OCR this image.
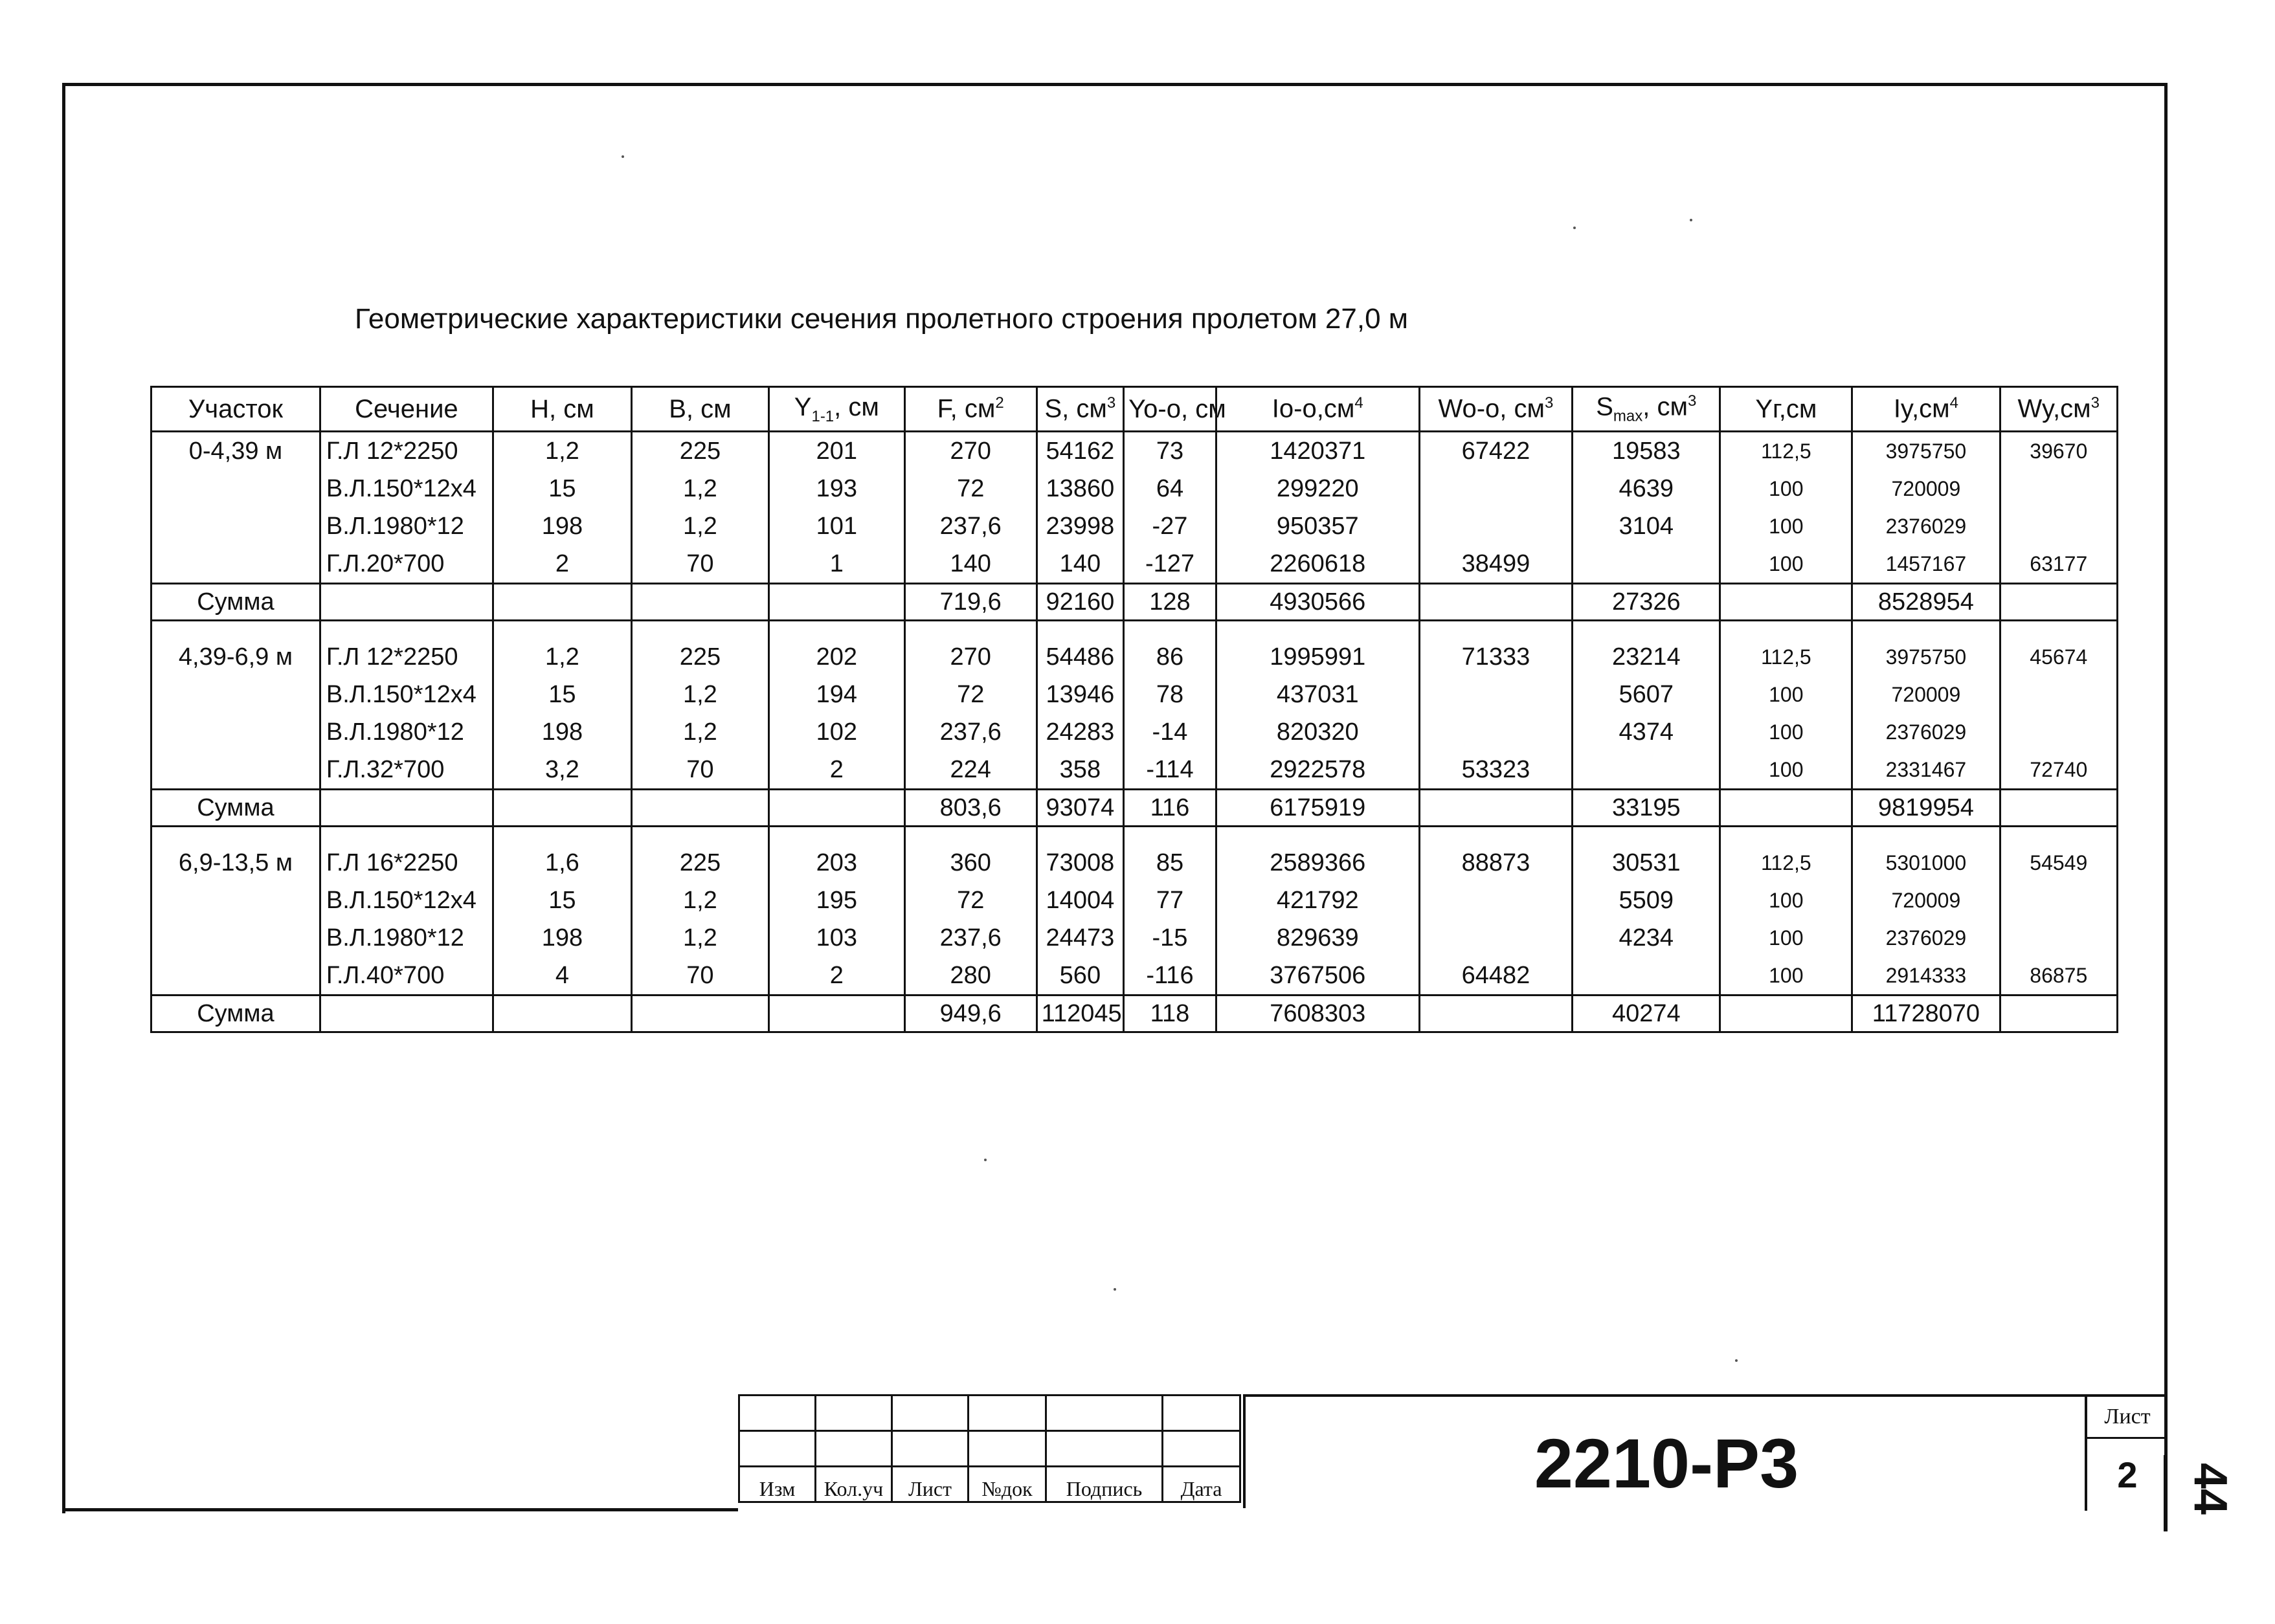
Геометрические характеристики сечения пролетного строения пролетом 27,0 м
Участок	Сечение	H, см	B, см	$Y_{1-1}$, см	F, $см^2$	S, $см^3$	Yo-o, см	$Io-o,см^4$	Wo-o, $см^3$	$S_{max}$, $см^3$	Yг,см	$Iy,см^4$	$Wy,см^3$
0-4,39 м	Г.Л 12*2250	1,2	225	201	270	54162	73	1420371	67422	19583	112,5	3975750	39670
	В.Л.150*12х4	15	1,2	193	72	13860	64	299220		4639	100	720009	
	В.Л.1980*12	198	1,2	101	237,6	23998	-27	950357		3104	100	2376029	
	Г.Л.20*700	2	70	1	140	140	-127	2260618	38499		100	1457167	63177
Сумма					719,6	92160	128	4930566		27326		8528954	

4,39-6,9 м	Г.Л 12*2250	1,2	225	202	270	54486	86	1995991	71333	23214	112,5	3975750	45674
	В.Л.150*12х4	15	1,2	194	72	13946	78	437031		5607	100	720009	
	В.Л.1980*12	198	1,2	102	237,6	24283	-14	820320		4374	100	2376029	
	Г.Л.32*700	3,2	70	2	224	358	-114	2922578	53323		100	2331467	72740
Сумма					803,6	93074	116	6175919		33195		9819954	

6,9-13,5 м	Г.Л 16*2250	1,6	225	203	360	73008	85	2589366	88873	30531	112,5	5301000	54549
	В.Л.150*12х4	15	1,2	195	72	14004	77	421792		5509	100	720009	
	В.Л.1980*12	198	1,2	103	237,6	24473	-15	829639		4234	100	2376029	
	Г.Л.40*700	4	70	2	280	560	-116	3767506	64482		100	2914333	86875
Сумма					949,6	112045	118	7608303		40274		11728070	

Изм	Кол.уч	Лист	№док	Подпись	Дата	2210-Р3
Лист
2	44
